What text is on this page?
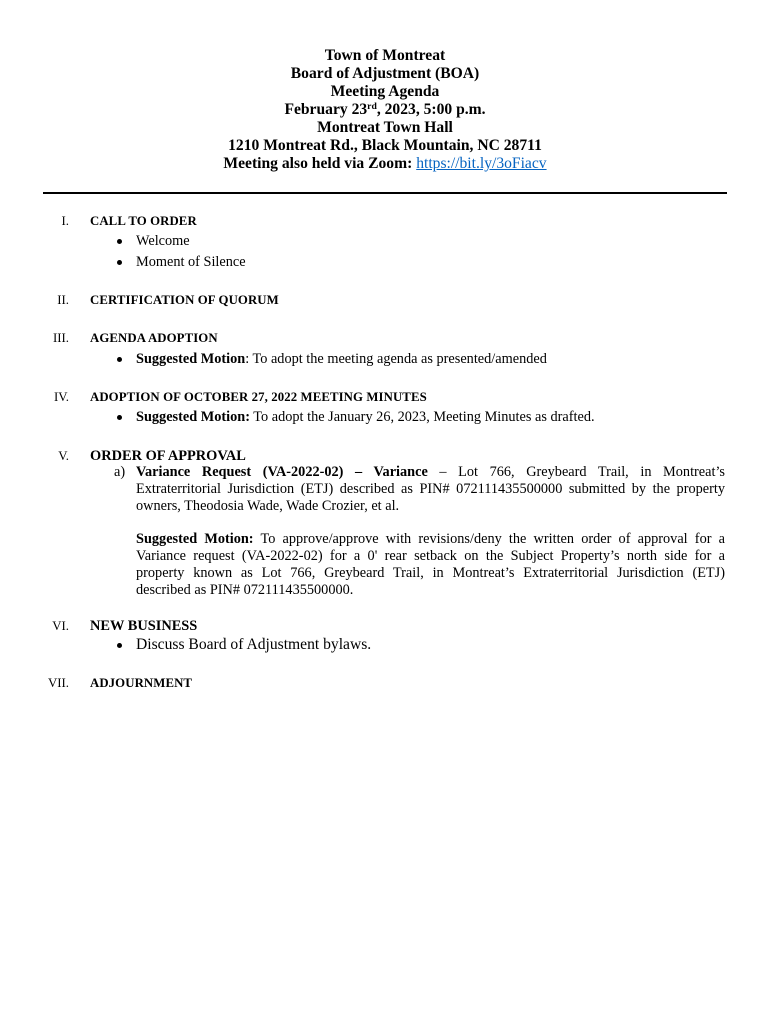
Town of Montreat
Board of Adjustment (BOA)
Meeting Agenda
February 23rd, 2023, 5:00 p.m.
Montreat Town Hall
1210 Montreat Rd., Black Mountain, NC 28711
Meeting also held via Zoom: https://bit.ly/3oFiacv
I. CALL TO ORDER
Welcome
Moment of Silence
II. CERTIFICATION OF QUORUM
III. AGENDA ADOPTION
Suggested Motion: To adopt the meeting agenda as presented/amended
IV. ADOPTION OF OCTOBER 27, 2022 MEETING MINUTES
Suggested Motion: To adopt the January 26, 2023, Meeting Minutes as drafted.
V. ORDER OF APPROVAL
a) Variance Request (VA-2022-02) – Variance – Lot 766, Greybeard Trail, in Montreat’s
Extraterritorial Jurisdiction (ETJ) described as PIN# 072111435500000 submitted by the property
owners, Theodosia Wade, Wade Crozier, et al.
Suggested Motion: To approve/approve with revisions/deny the written order of approval for a
Variance request (VA-2022-02) for a 0' rear setback on the Subject Property’s north side for a
property known as Lot 766, Greybeard Trail, in Montreat’s Extraterritorial Jurisdiction (ETJ)
described as PIN# 072111435500000.
VI. NEW BUSINESS
Discuss Board of Adjustment bylaws.
VII. ADJOURNMENT
